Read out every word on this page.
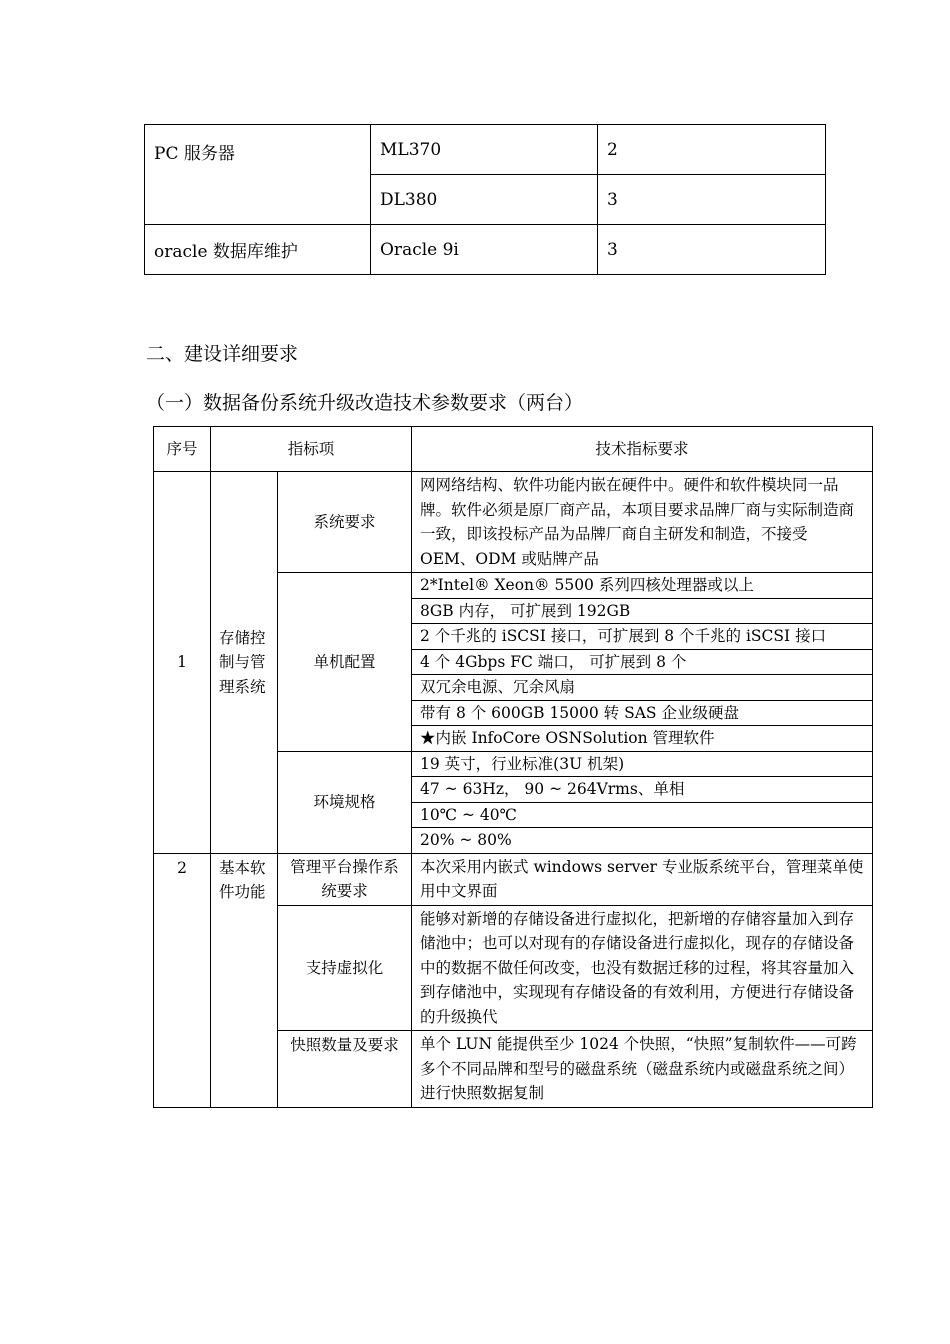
PC 服务器	ML370	2
	DL380	3
oracle 数据库维护	Oracle 9i	3
二、建设详细要求
（一）数据备份系统升级改造技术参数要求（两台）
序号	指标项		技术指标要求
1	存储控制与管理系统	系统要求	网网络结构、软件功能内嵌在硬件中。硬件和软件模块同一品牌。软件必须是原厂商产品，本项目要求品牌厂商与实际制造商一致，即该投标产品为品牌厂商自主研发和制造，不接受 OEM、ODM 或贴牌产品
		单机配置	2*Intel® Xeon® 5500 系列四核处理器或以上
			8GB 内存， 可扩展到 192GB
			2 个千兆的 iSCSI 接口，可扩展到 8 个千兆的 iSCSI 接口
			4 个 4Gbps FC 端口， 可扩展到 8 个
			双冗余电源、冗余风扇
			带有 8 个 600GB 15000 转 SAS 企业级硬盘
			★内嵌 InfoCore OSNSolution 管理软件
		环境规格	19 英寸，行业标准(3U 机架)
			47 ~ 63Hz， 90 ~ 264Vrms、单相
			10℃ ~ 40℃
			20% ~ 80%
2	基本软件功能	管理平台操作系统要求	本次采用内嵌式 windows server 专业版系统平台，管理菜单使用中文界面
		支持虚拟化	能够对新增的存储设备进行虚拟化，把新增的存储容量加入到存储池中；也可以对现有的存储设备进行虚拟化，现存的存储设备中的数据不做任何改变，也没有数据迁移的过程，将其容量加入到存储池中，实现现有存储设备的有效利用，方便进行存储设备的升级换代
		快照数量及要求	单个 LUN 能提供至少 1024 个快照，“快照”复制软件——可跨多个不同品牌和型号的磁盘系统（磁盘系统内或磁盘系统之间）进行快照数据复制
